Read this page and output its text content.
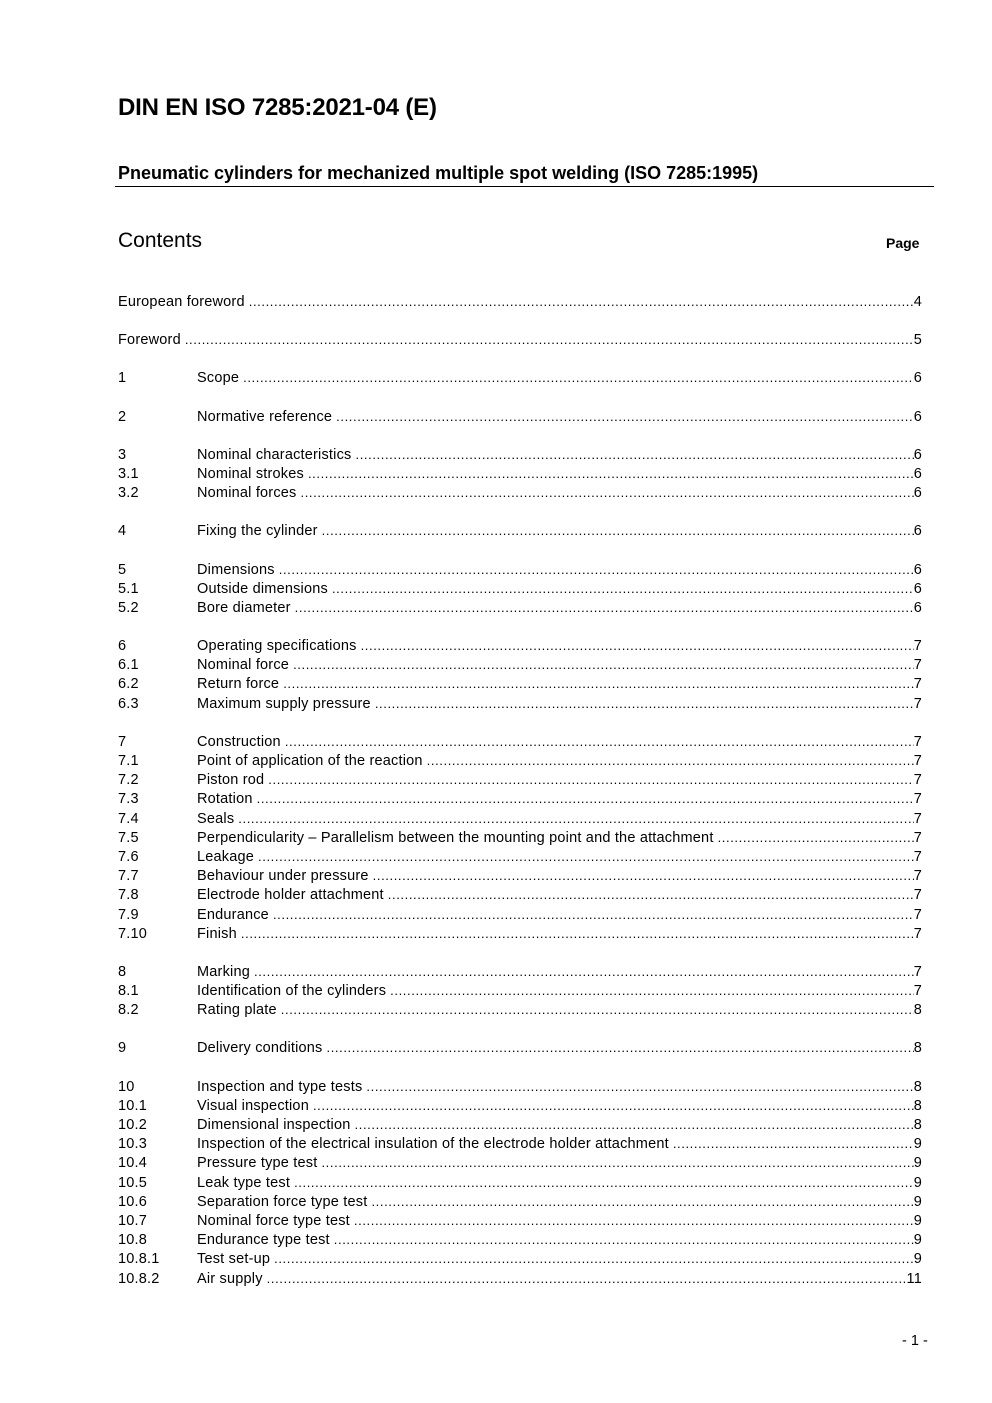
DIN EN ISO 7285:2021-04 (E)
Pneumatic cylinders for mechanized multiple spot welding (ISO 7285:1995)
Contents	Page
European foreword .....	4
Foreword .....	5
1	Scope .....	6
2	Normative reference .....	6
3	Nominal characteristics .....	6
3.1	Nominal strokes .....	6
3.2	Nominal forces .....	6
4	Fixing the cylinder .....	6
5	Dimensions .....	6
5.1	Outside dimensions .....	6
5.2	Bore diameter .....	6
6	Operating specifications .....	7
6.1	Nominal force .....	7
6.2	Return force .....	7
6.3	Maximum supply pressure .....	7
7	Construction .....	7
7.1	Point of application of the reaction .....	7
7.2	Piston rod .....	7
7.3	Rotation .....	7
7.4	Seals .....	7
7.5	Perpendicularity – Parallelism between the mounting point and the attachment .....	7
7.6	Leakage .....	7
7.7	Behaviour under pressure .....	7
7.8	Electrode holder attachment .....	7
7.9	Endurance .....	7
7.10	Finish .....	7
8	Marking .....	7
8.1	Identification of the cylinders .....	7
8.2	Rating plate .....	8
9	Delivery conditions .....	8
10	Inspection and type tests .....	8
10.1	Visual inspection .....	8
10.2	Dimensional inspection .....	8
10.3	Inspection of the electrical insulation of the electrode holder attachment .....	9
10.4	Pressure type test .....	9
10.5	Leak type test .....	9
10.6	Separation force type test .....	9
10.7	Nominal force type test .....	9
10.8	Endurance type test .....	9
10.8.1	Test set-up .....	9
10.8.2	Air supply .....	11
- 1 -
